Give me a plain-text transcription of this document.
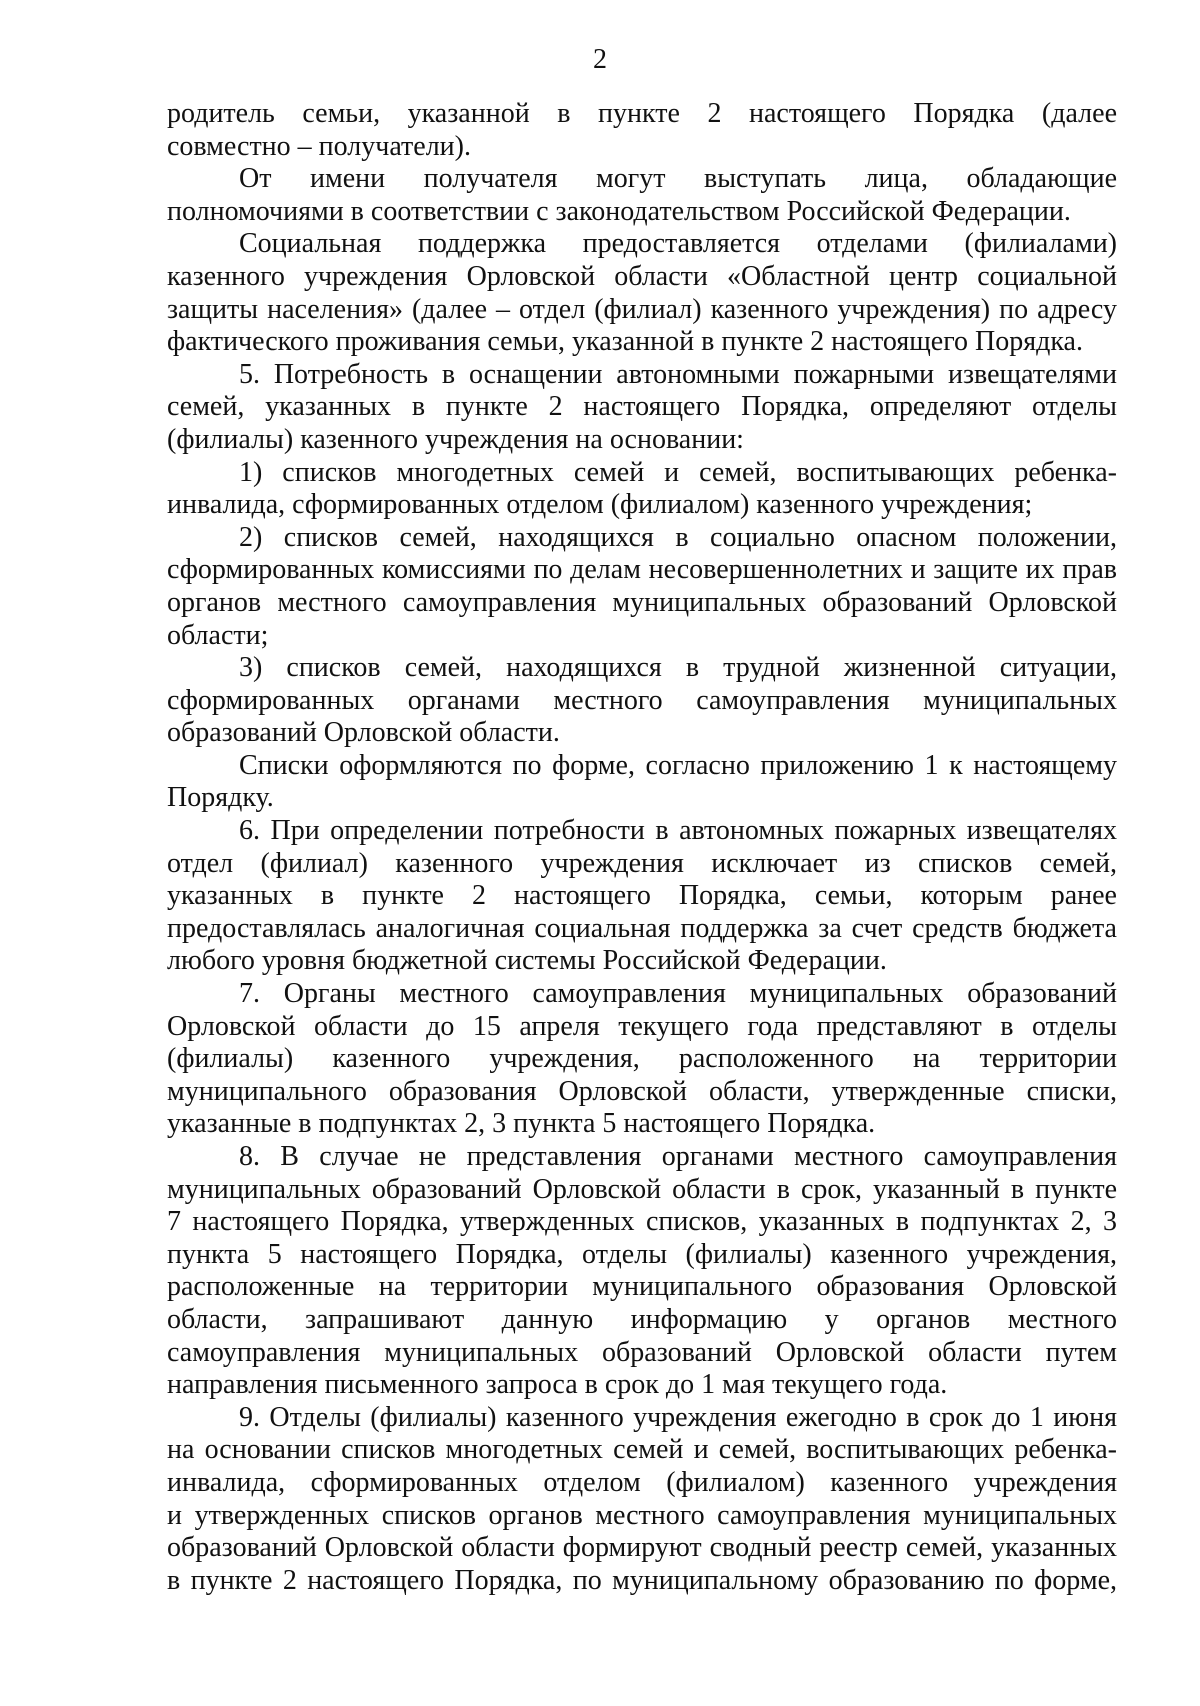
2
родитель семьи, указанной в пункте 2 настоящего Порядка (далее
совместно – получатели).
От имени получателя могут выступать лица, обладающие
полномочиями в соответствии с законодательством Российской Федерации.
Социальная поддержка предоставляется отделами (филиалами)
казенного учреждения Орловской области «Областной центр социальной
защиты населения» (далее – отдел (филиал) казенного учреждения) по адресу
фактического проживания семьи, указанной в пункте 2 настоящего Порядка.
5. Потребность в оснащении автономными пожарными извещателями
семей, указанных в пункте 2 настоящего Порядка, определяют отделы
(филиалы) казенного учреждения на основании:
1) списков многодетных семей и семей, воспитывающих ребенка-
инвалида, сформированных отделом (филиалом) казенного учреждения;
2) списков семей, находящихся в социально опасном положении,
сформированных комиссиями по делам несовершеннолетних и защите их прав
органов местного самоуправления муниципальных образований Орловской
области;
3) списков семей, находящихся в трудной жизненной ситуации,
сформированных органами местного самоуправления муниципальных
образований Орловской области.
Списки оформляются по форме, согласно приложению 1 к настоящему
Порядку.
6. При определении потребности в автономных пожарных извещателях
отдел (филиал) казенного учреждения исключает из списков семей,
указанных в пункте 2 настоящего Порядка, семьи, которым ранее
предоставлялась аналогичная социальная поддержка за счет средств бюджета
любого уровня бюджетной системы Российской Федерации.
7. Органы местного самоуправления муниципальных образований
Орловской области до 15 апреля текущего года представляют в отделы
(филиалы) казенного учреждения, расположенного на территории
муниципального образования Орловской области, утвержденные списки,
указанные в подпунктах 2, 3 пункта 5 настоящего Порядка.
8. В случае не представления органами местного самоуправления
муниципальных образований Орловской области в срок, указанный в пункте
7 настоящего Порядка, утвержденных списков, указанных в подпунктах 2, 3
пункта 5 настоящего Порядка, отделы (филиалы) казенного учреждения,
расположенные на территории муниципального образования Орловской
области, запрашивают данную информацию у органов местного
самоуправления муниципальных образований Орловской области путем
направления письменного запроса в срок до 1 мая текущего года.
9. Отделы (филиалы) казенного учреждения ежегодно в срок до 1 июня
на основании списков многодетных семей и семей, воспитывающих ребенка-
инвалида, сформированных отделом (филиалом) казенного учреждения
и утвержденных списков органов местного самоуправления муниципальных
образований Орловской области формируют сводный реестр семей, указанных
в пункте 2 настоящего Порядка, по муниципальному образованию по форме,
